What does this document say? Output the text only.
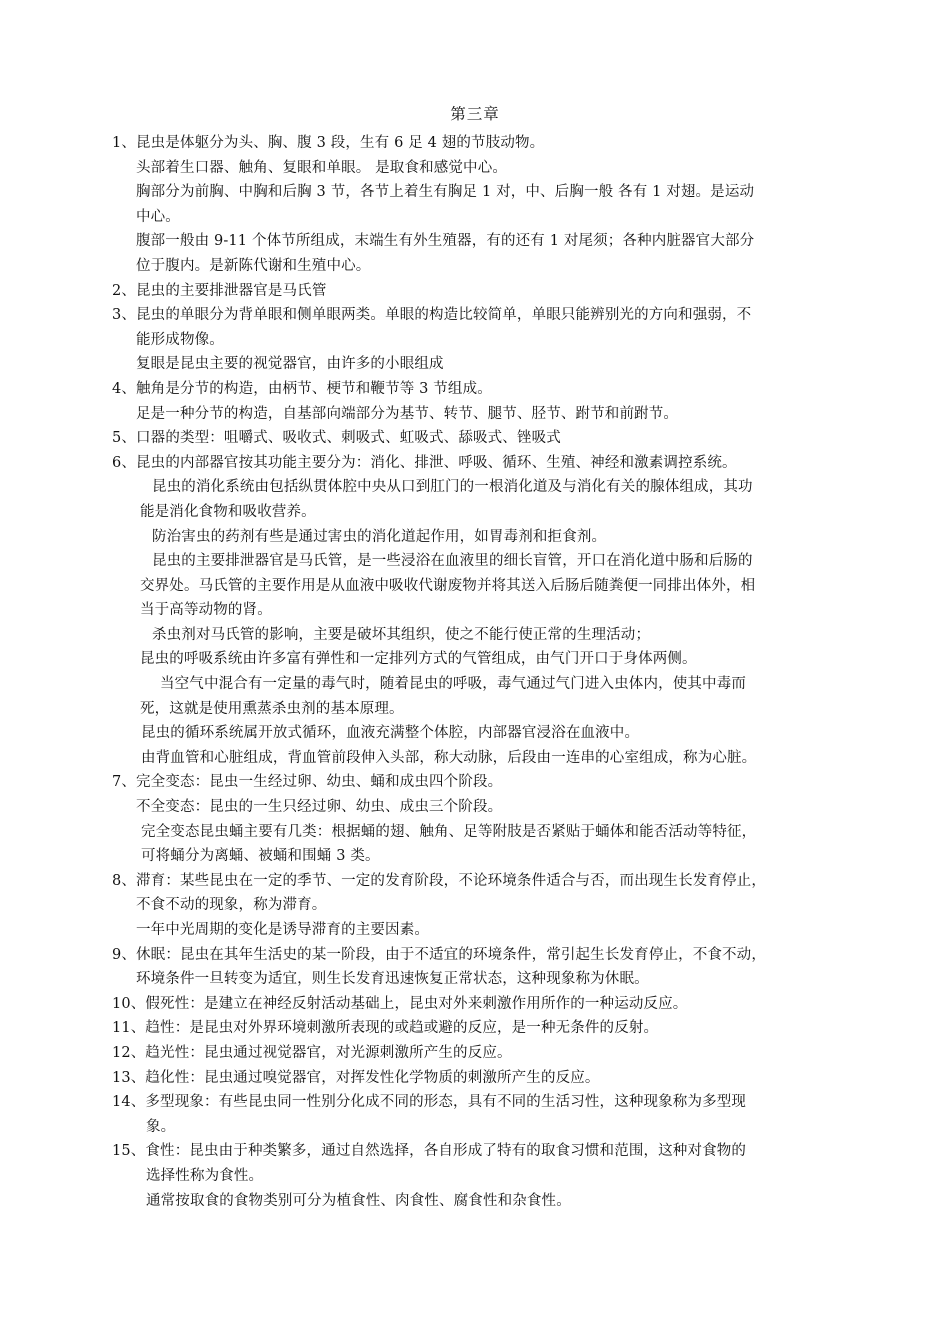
第三章
1、昆虫是体躯分为头、胸、腹 3 段，生有 6 足 4 翅的节肢动物。
头部着生口器、触角、复眼和单眼。 是取食和感觉中心。
胸部分为前胸、中胸和后胸 3 节，各节上着生有胸足 1 对，中、后胸一般 各有 1 对翅。是运动
中心。
腹部一般由 9-11 个体节所组成，末端生有外生殖器，有的还有 1 对尾须；各种内脏器官大部分
位于腹内。是新陈代谢和生殖中心。
2、昆虫的主要排泄器官是马氏管
3、昆虫的单眼分为背单眼和侧单眼两类。单眼的构造比较简单，单眼只能辨别光的方向和强弱，不
能形成物像。
复眼是昆虫主要的视觉器官，由许多的小眼组成
4、触角是分节的构造，由柄节、梗节和鞭节等 3 节组成。
足是一种分节的构造，自基部向端部分为基节、转节、腿节、胫节、跗节和前跗节。
5、口器的类型：咀嚼式、吸收式、刺吸式、虹吸式、舔吸式、锉吸式
6、昆虫的内部器官按其功能主要分为：消化、排泄、呼吸、循环、生殖、神经和激素调控系统。
昆虫的消化系统由包括纵贯体腔中央从口到肛门的一根消化道及与消化有关的腺体组成，其功
能是消化食物和吸收营养。
防治害虫的药剂有些是通过害虫的消化道起作用，如胃毒剂和拒食剂。
昆虫的主要排泄器官是马氏管，是一些浸浴在血液里的细长盲管，开口在消化道中肠和后肠的
交界处。马氏管的主要作用是从血液中吸收代谢废物并将其送入后肠后随粪便一同排出体外，相
当于高等动物的肾。
杀虫剂对马氏管的影响，主要是破坏其组织，使之不能行使正常的生理活动；
昆虫的呼吸系统由许多富有弹性和一定排列方式的气管组成，由气门开口于身体两侧。
当空气中混合有一定量的毒气时，随着昆虫的呼吸，毒气通过气门进入虫体内，使其中毒而
死，这就是使用熏蒸杀虫剂的基本原理。
昆虫的循环系统属开放式循环，血液充满整个体腔，内部器官浸浴在血液中。
由背血管和心脏组成，背血管前段伸入头部，称大动脉，后段由一连串的心室组成，称为心脏。
7、完全变态：昆虫一生经过卵、幼虫、蛹和成虫四个阶段。
不全变态：昆虫的一生只经过卵、幼虫、成虫三个阶段。
完全变态昆虫蛹主要有几类：根据蛹的翅、触角、足等附肢是否紧贴于蛹体和能否活动等特征，
可将蛹分为离蛹、被蛹和围蛹 3 类。
8、滞育：某些昆虫在一定的季节、一定的发育阶段，不论环境条件适合与否，而出现生长发育停止，
不食不动的现象，称为滞育。
一年中光周期的变化是诱导滞育的主要因素。
9、休眠：昆虫在其年生活史的某一阶段，由于不适宜的环境条件，常引起生长发育停止，不食不动，
环境条件一旦转变为适宜，则生长发育迅速恢复正常状态，这种现象称为休眠。
10、假死性：是建立在神经反射活动基础上，昆虫对外来刺激作用所作的一种运动反应。
11、趋性：是昆虫对外界环境刺激所表现的或趋或避的反应，是一种无条件的反射。
12、趋光性：昆虫通过视觉器官，对光源刺激所产生的反应。
13、趋化性：昆虫通过嗅觉器官，对挥发性化学物质的刺激所产生的反应。
14、多型现象：有些昆虫同一性别分化成不同的形态，具有不同的生活习性，这种现象称为多型现
象。
15、食性：昆虫由于种类繁多，通过自然选择，各自形成了特有的取食习惯和范围，这种对食物的
选择性称为食性。
通常按取食的食物类别可分为植食性、肉食性、腐食性和杂食性。
